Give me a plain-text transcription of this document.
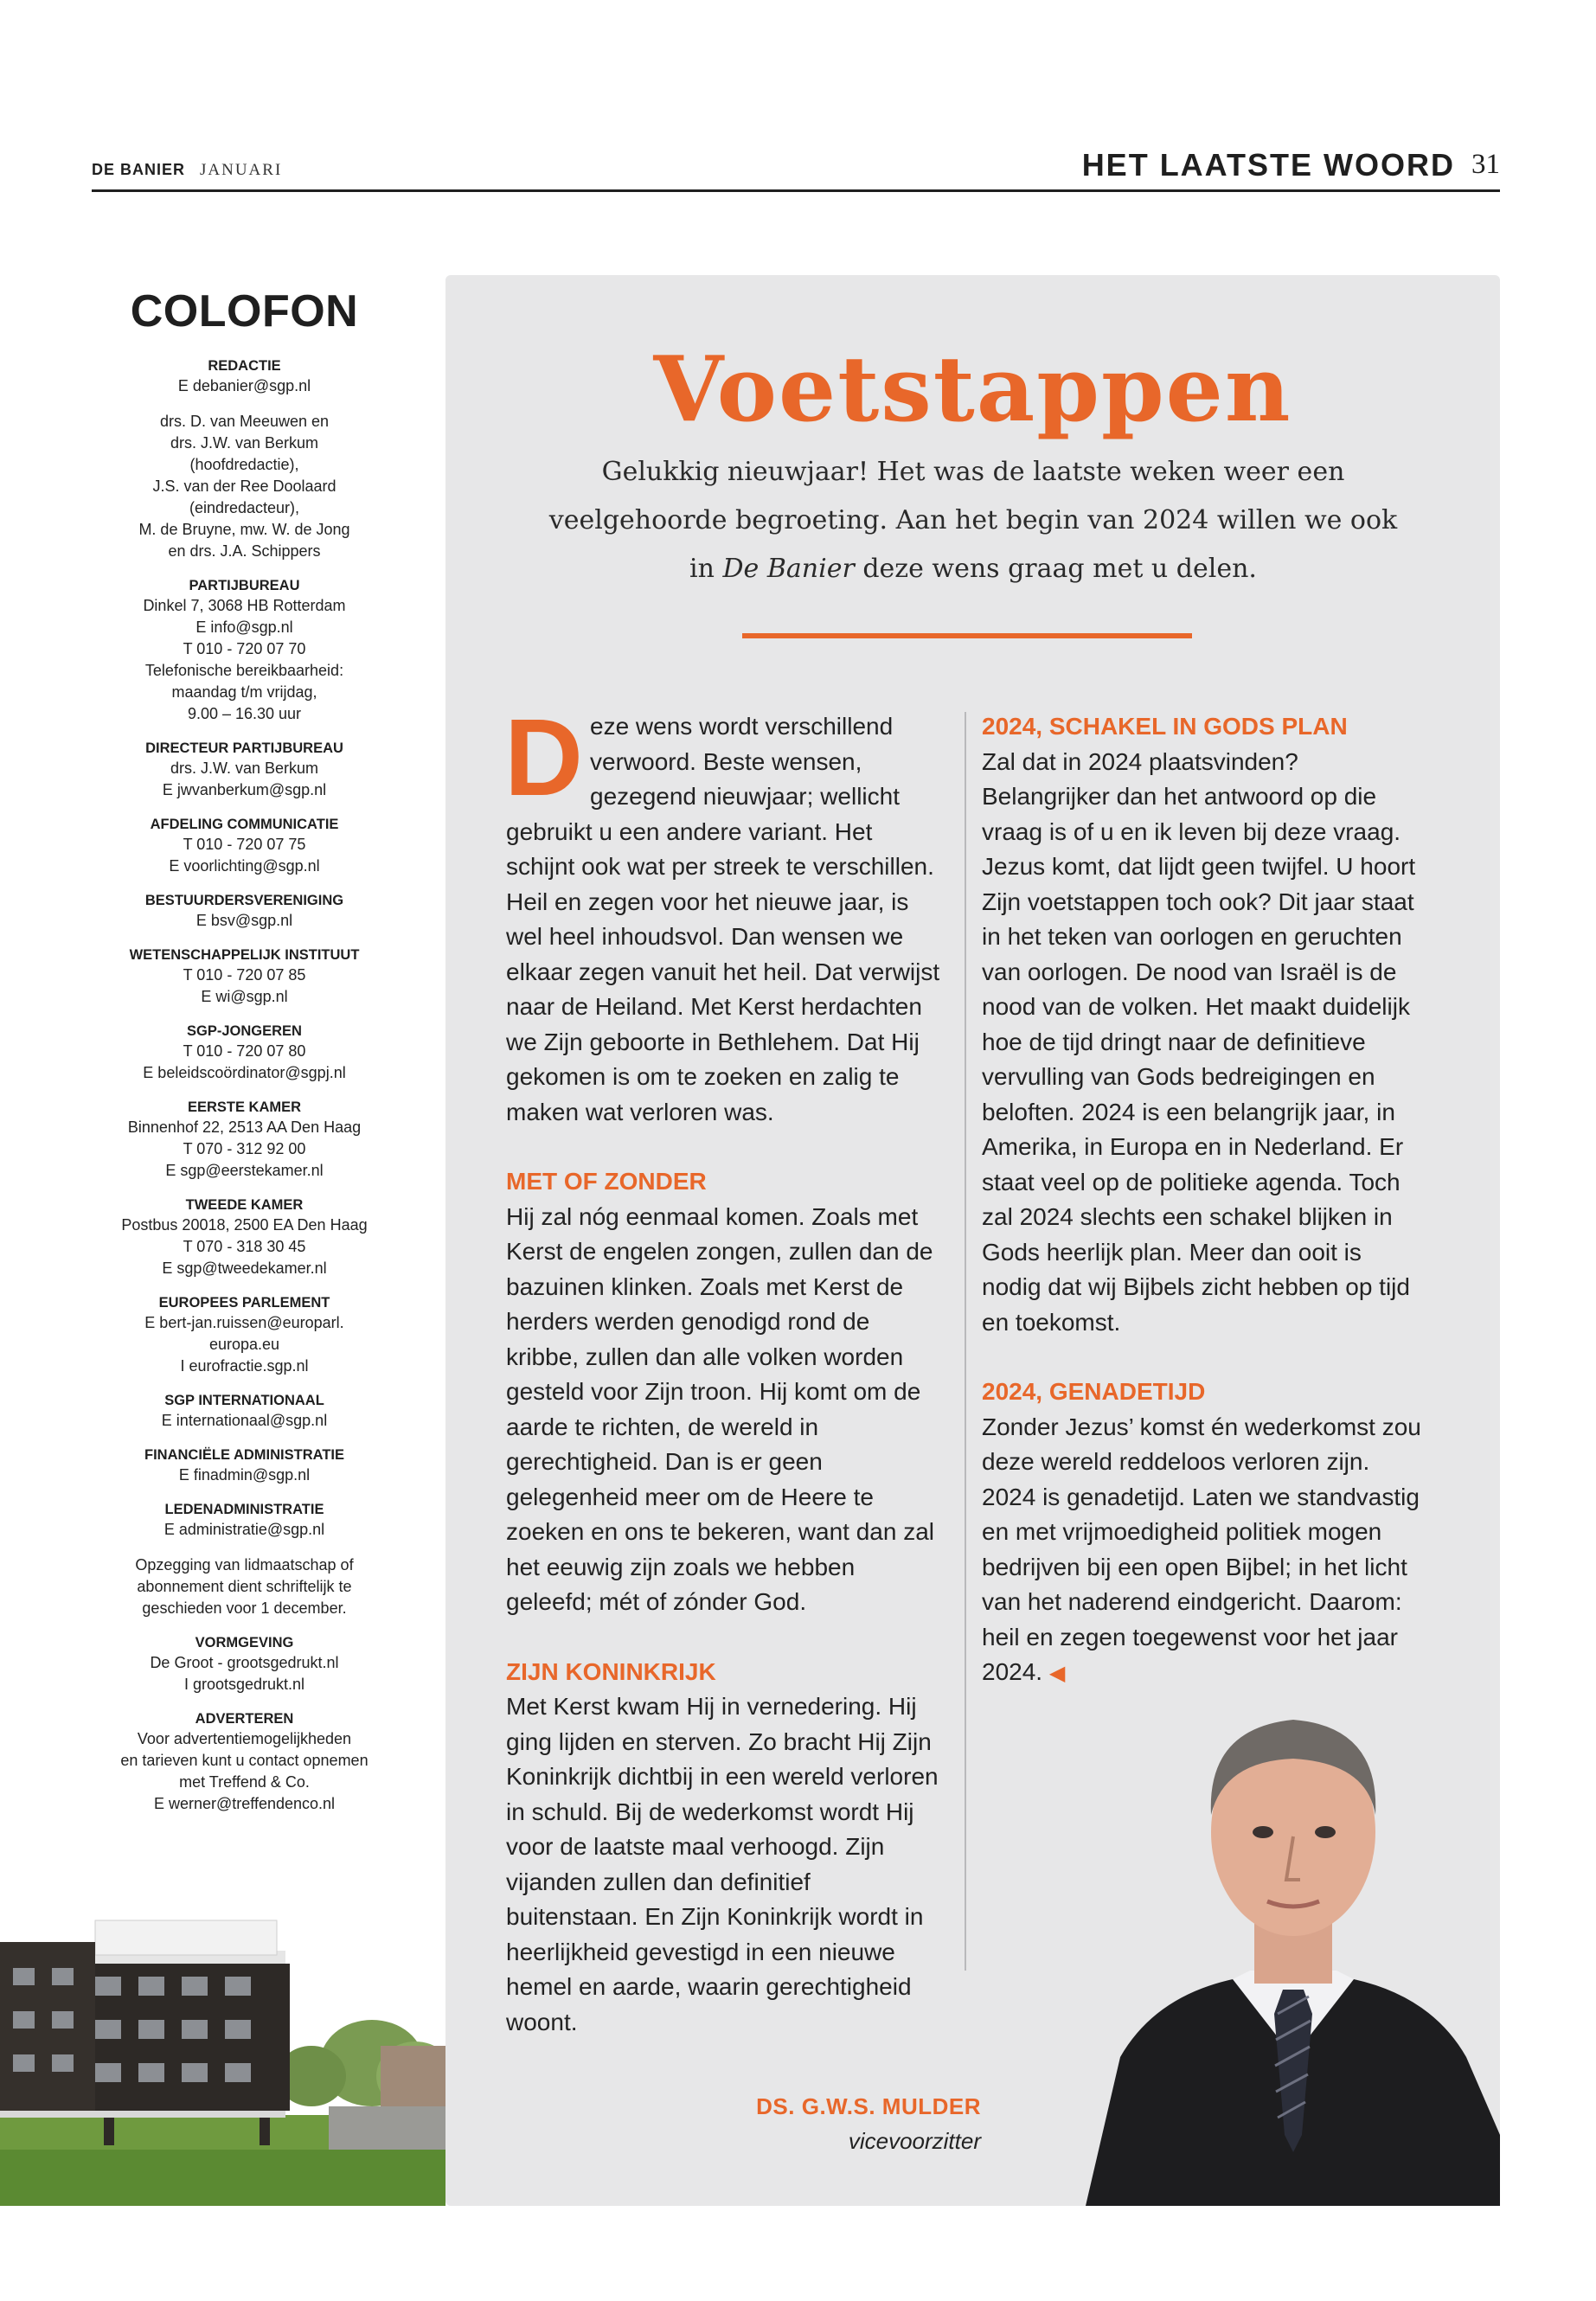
DE BANIER JANUARI	HET LAATSTE WOORD 31
COLOFON
REDACTIE
E debanier@sgp.nl
drs. D. van Meeuwen en
drs. J.W. van Berkum
(hoofdredactie),
J.S. van der Ree Doolaard
(eindredacteur),
M. de Bruyne, mw. W. de Jong
en drs. J.A. Schippers
PARTIJBUREAU
Dinkel 7, 3068 HB Rotterdam
E info@sgp.nl
T 010 - 720 07 70
Telefonische bereikbaarheid:
maandag t/m vrijdag,
9.00 – 16.30 uur
DIRECTEUR PARTIJBUREAU
drs. J.W. van Berkum
E jwvanberkum@sgp.nl
AFDELING COMMUNICATIE
T 010 - 720 07 75
E voorlichting@sgp.nl
BESTUURDERSVERENIGING
E bsv@sgp.nl
WETENSCHAPPELIJK INSTITUUT
T 010 - 720 07 85
E wi@sgp.nl
SGP-JONGEREN
T 010 - 720 07 80
E beleidscoördinator@sgpj.nl
EERSTE KAMER
Binnenhof 22, 2513 AA Den Haag
T 070 - 312 92 00
E sgp@eerstekamer.nl
TWEEDE KAMER
Postbus 20018, 2500 EA Den Haag
T 070 - 318 30 45
E sgp@tweedekamer.nl
EUROPEES PARLEMENT
E bert-jan.ruissen@europarl.
europa.eu
I eurofractie.sgp.nl
SGP INTERNATIONAAL
E internationaal@sgp.nl
FINANCIËLE ADMINISTRATIE
E finadmin@sgp.nl
LEDENADMINISTRATIE
E administratie@sgp.nl
Opzegging van lidmaatschap of
abonnement dient schriftelijk te
geschieden voor 1 december.
VORMGEVING
De Groot - grootsgedrukt.nl
I grootsgedrukt.nl
ADVERTEREN
Voor advertentiemogelijkheden
en tarieven kunt u contact opnemen
met Treffend & Co.
E werner@treffendenco.nl
Voetstappen
Gelukkig nieuwjaar! Het was de laatste weken weer een veelgehoorde begroeting. Aan het begin van 2024 willen we ook in De Banier deze wens graag met u delen.
D eze wens wordt verschillend verwoord. Beste wensen, gezegend nieuwjaar; wellicht gebruikt u een andere variant. Het schijnt ook wat per streek te verschillen. Heil en zegen voor het nieuwe jaar, is wel heel inhoudsvol. Dan wensen we elkaar zegen vanuit het heil. Dat verwijst naar de Heiland. Met Kerst herdachten we Zijn geboorte in Bethlehem. Dat Hij gekomen is om te zoeken en zalig te maken wat verloren was.

MET OF ZONDER

Hij zal nóg eenmaal komen. Zoals met Kerst de engelen zongen, zullen dan de bazuinen klinken. Zoals met Kerst de herders werden genodigd rond de kribbe, zullen dan alle volken worden gesteld voor Zijn troon. Hij komt om de aarde te richten, de wereld in gerechtigheid. Dan is er geen gelegenheid meer om de Heere te zoeken en ons te bekeren, want dan zal het eeuwig zijn zoals we hebben geleefd; mét of zónder God.

ZIJN KONINKRIJK

Met Kerst kwam Hij in vernedering. Hij ging lijden en sterven. Zo bracht Hij Zijn Koninkrijk dichtbij in een wereld verloren in schuld. Bij de wederkomst wordt Hij voor de laatste maal verhoogd. Zijn vijanden zullen dan definitief buitenstaan. En Zijn Koninkrijk wordt in heerlijkheid gevestigd in een nieuwe hemel en aarde, waarin gerechtigheid woont.

2024, SCHAKEL IN GODS PLAN

Zal dat in 2024 plaatsvinden? Belangrijker dan het antwoord op die vraag is of u en ik leven bij deze vraag. Jezus komt, dat lijdt geen twijfel. U hoort Zijn voetstappen toch ook? Dit jaar staat in het teken van oorlogen en geruchten van oorlogen. De nood van Israël is de nood van de volken. Het maakt duidelijk hoe de tijd dringt naar de definitieve vervulling van Gods bedreigingen en beloften. 2024 is een belangrijk jaar, in Amerika, in Europa en in Nederland. Er staat veel op de politieke agenda. Toch zal 2024 slechts een schakel blijken in Gods heerlijk plan. Meer dan ooit is nodig dat wij Bijbels zicht hebben op tijd en toekomst.

2024, GENADETIJD

Zonder Jezus’ komst én wederkomst zou deze wereld reddeloos verloren zijn. 2024 is genadetijd. Laten we standvastig en met vrijmoedigheid politiek mogen bedrijven bij een open Bijbel; in het licht van het naderend eindgericht. Daarom: heil en zegen toegewenst voor het jaar 2024. ◀

DS. G.W.S. MULDER
vicevoorzitter
